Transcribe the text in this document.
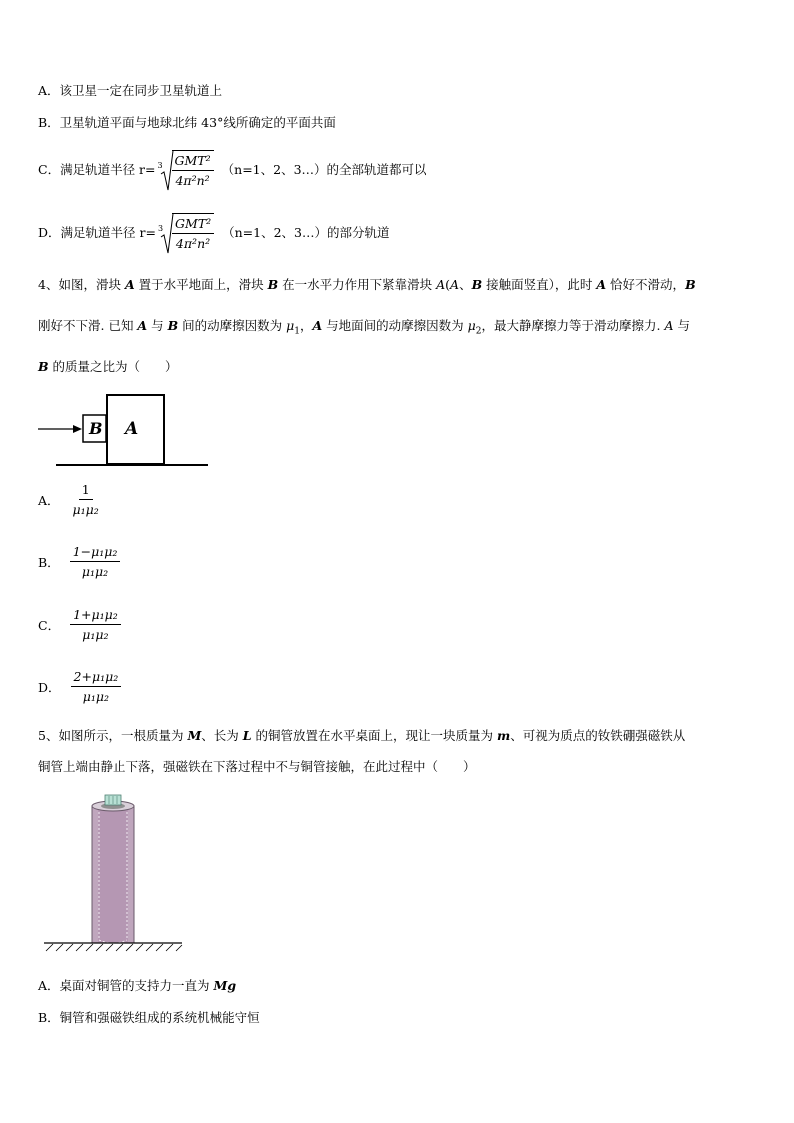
A．该卫星一定在同步卫星轨道上
B．卫星轨道平面与地球北纬 43°线所确定的平面共面
C．满足轨道半径 $r= 3 \frac{\text{GMT²}}{\text{4π²n²}} (n=1$、2、3…）的全部轨道都可以
D．满足轨道半径 $r= 3 \frac{\text{GMT²}}{\text{4π²n²}} (n=1$、2、3…）的部分轨道
4、如图，滑块 A 置于水平地面上，滑块 B 在一水平力作用下紧靠滑块 A(A、B 接触面竖直），此时 A 恰好不滑动，B
刚好不下滑. 已知 A 与 B 间的动摩擦因数为 $\mu_1$，A 与地面间的动摩擦因数为 $\mu_2$，最大静摩擦力等于滑动摩擦力. A 与
B 的质量之比为（　　）
B A
A． $\frac{1}{\text{μ₁μ₂}}$
B． $\frac{\text{1−μ₁μ₂}}{\text{μ₁μ₂}}$
C． $\frac{\text{1+μ₁μ₂}}{\text{μ₁μ₂}}$
D． $\frac{\text{2+μ₁μ₂}}{\text{μ₁μ₂}}$
5、如图所示，一根质量为 M、长为 L 的铜管放置在水平桌面上，现让一块质量为 m、可视为质点的钕铁硼强磁铁从
铜管上端由静止下落，强磁铁在下落过程中不与铜管接触，在此过程中（　　）
A．桌面对铜管的支持力一直为 Mg
B．铜管和强磁铁组成的系统机械能守恒
